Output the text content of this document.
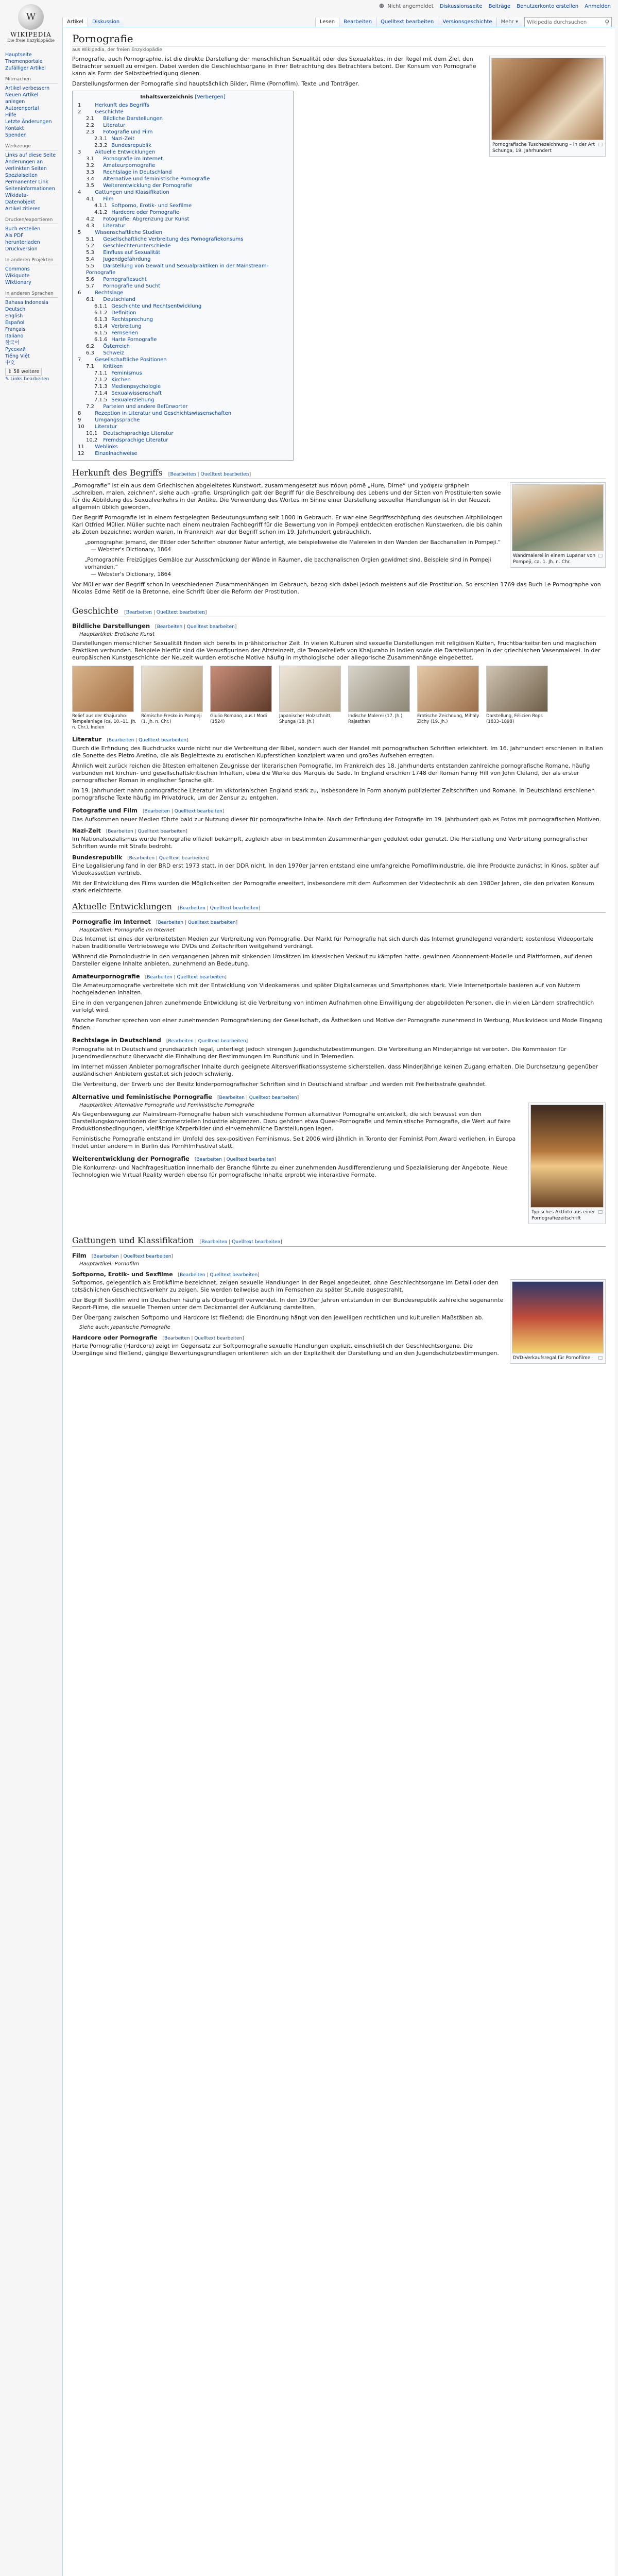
☻ Nicht angemeldet Diskussionsseite Beiträge Benutzerkonto erstellen Anmelden
W
WIKIPEDIA
Die freie Enzyklopädie
Hauptseite
Themenportale
Zufälliger Artikel
Mitmachen
Artikel verbessern
Neuen Artikel anlegen
Autorenportal
Hilfe
Letzte Änderungen
Kontakt
Spenden
Werkzeuge
Links auf diese Seite
Änderungen an verlinkten Seiten
Spezialseiten
Permanenter Link
Seiteninformationen
Wikidata-Datenobjekt
Artikel zitieren
Drucken/exportieren
Buch erstellen
Als PDF herunterladen
Druckversion
In anderen Projekten
Commons
Wikiquote
Wiktionary
In anderen Sprachen
Bahasa Indonesia
Deutsch
English
Español
Français
Italiano
한국어
Русский
Tiếng Việt
中文
⇕ 58 weitere
✎ Links bearbeiten
Artikel	Diskussion	Lesen	Bearbeiten	Quelltext bearbeiten	Versionsgeschichte	Mehr ▾
Wikipedia durchsuchen	⚲
Pornografie
aus Wikipedia, der freien Enzyklopädie
□
Pornografische Tuschezeichnung – in der Art Schunga, 19. Jahrhundert

Pornografie, auch Pornographie, ist die direkte Darstellung der menschlichen Sexualität oder des Sexualaktes, in der Regel mit dem Ziel, den Betrachter sexuell zu erregen. Dabei werden die Geschlechtsorgane in ihrer Betrachtung des Betrachters betont. Der Konsum von Pornografie kann als Form der Selbstbefriedigung dienen.

Darstellungsformen der Pornografie sind hauptsächlich Bilder, Filme (Pornofilm), Texte und Tonträger.

Inhaltsverzeichnis [Verbergen]
1	Herkunft des Begriffs
2	Geschichte
2.1 Bildliche Darstellungen
2.2 Literatur
2.3 Fotografie und Film
2.3.1 Nazi-Zeit
2.3.2 Bundesrepublik
3	Aktuelle Entwicklungen
3.1 Pornografie im Internet
3.2 Amateurpornografie
3.3 Rechtslage in Deutschland
3.4 Alternative und feministische Pornografie
3.5 Weiterentwicklung der Pornografie
4	Gattungen und Klassifikation
4.1 Film
4.1.1 Softporno, Erotik- und Sexfilme
4.1.2 Hardcore oder Pornografie
4.2 Fotografie: Abgrenzung zur Kunst
4.3 Literatur
5	Wissenschaftliche Studien
5.1 Gesellschaftliche Verbreitung des Pornografiekonsums
5.2 Geschlechterunterschiede
5.3 Einfluss auf Sexualität
5.4 Jugendgefährdung
5.5 Darstellung von Gewalt und Sexualpraktiken in der Mainstream-Pornografie
5.6 Pornografiesucht
5.7 Pornografie und Sucht
6	Rechtslage
6.1 Deutschland
6.1.1 Geschichte und Rechtsentwicklung
6.1.2 Definition
6.1.3 Rechtsprechung
6.1.4 Verbreitung
6.1.5 Fernsehen
6.1.6 Harte Pornografie
6.2 Österreich
6.3 Schweiz
7	Gesellschaftliche Positionen
7.1 Kritiken
7.1.1 Feminismus
7.1.2 Kirchen
7.1.3 Medienpsychologie
7.1.4 Sexualwissenschaft
7.1.5 Sexualerziehung
7.2 Parteien und andere Befürworter
8	Rezeption in Literatur und Geschichtswissenschaften
9	Umgangssprache
10 Literatur
10.1 Deutschsprachige Literatur
10.2 Fremdsprachige Literatur
11 Weblinks
12 Einzelnachweise
Herkunft des Begriffs [Bearbeiten | Quelltext bearbeiten]
□
Wandmalerei in einem Lupanar von Pompeji, ca. 1. Jh. n. Chr.

„Pornografie“ ist ein aus dem Griechischen abgeleitetes Kunstwort, zusammengesetzt aus πόρνη pórnē „Hure, Dirne“ und γράφειν gráphein „schreiben, malen, zeichnen“, siehe auch -grafie. Ursprünglich galt der Begriff für die Beschreibung des Lebens und der Sitten von Prostituierten sowie für die Abbildung des Sexualverkehrs in der Antike. Die Verwendung des Wortes im Sinne einer Darstellung sexueller Handlungen ist in der Neuzeit allgemein üblich geworden.

Der Begriff Pornografie ist in einem festgelegten Bedeutungsumfang seit 1800 in Gebrauch. Er war eine Begriffsschöpfung des deutschen Altphilologen Karl Otfried Müller. Müller suchte nach einem neutralen Fachbegriff für die Bewertung von in Pompeji entdeckten erotischen Kunstwerken, die bis dahin als Zoten bezeichnet worden waren. In Frankreich war der Begriff schon im 19. Jahrhundert gebräuchlich.

„pornographe: jemand, der Bilder oder Schriften obszöner Natur anfertigt, wie beispielsweise die Malereien in den Wänden der Bacchanalien in Pompeji.“
— Webster's Dictionary, 1864
„Pornographie: Freizügiges Gemälde zur Ausschmückung der Wände in Räumen, die bacchanalischen Orgien gewidmet sind. Beispiele sind in Pompeji vorhanden.“
— Webster's Dictionary, 1864

Vor Müller war der Begriff schon in verschiedenen Zusammenhängen im Gebrauch, bezog sich dabei jedoch meistens auf die Prostitution. So erschien 1769 das Buch Le Pornographe von Nicolas Edme Rétif de la Bretonne, eine Schrift über die Reform der Prostitution.

Geschichte [Bearbeiten | Quelltext bearbeiten]
Bildliche Darstellungen [Bearbeiten | Quelltext bearbeiten]
Hauptartikel: Erotische Kunst

Darstellungen menschlicher Sexualität finden sich bereits in prähistorischer Zeit. In vielen Kulturen sind sexuelle Darstellungen mit religiösen Kulten, Fruchtbarkeitsriten und magischen Praktiken verbunden. Beispiele hierfür sind die Venusfigurinen der Altsteinzeit, die Tempelreliefs von Khajuraho in Indien sowie die Darstellungen in der griechischen Vasenmalerei. In der europäischen Kunstgeschichte der Neuzeit wurden erotische Motive häufig in mythologische oder allegorische Zusammenhänge eingebettet.

Relief aus der Khajuraho-Tempelanlage (ca. 10.–11. Jh. n. Chr.), Indien
Römische Fresko in Pompeji (1. Jh. n. Chr.)
Giulio Romano, aus I Modi (1524)
Japanischer Holzschnitt, Shunga (18. Jh.)
Indische Malerei (17. Jh.), Rajasthan
Erotische Zeichnung, Mihály Zichy (19. Jh.)
Darstellung, Félicien Rops (1833–1898)
Literatur [Bearbeiten | Quelltext bearbeiten]

Durch die Erfindung des Buchdrucks wurde nicht nur die Verbreitung der Bibel, sondern auch der Handel mit pornografischen Schriften erleichtert. Im 16. Jahrhundert erschienen in Italien die Sonette des Pietro Aretino, die als Begleittexte zu erotischen Kupferstichen konzipiert waren und großes Aufsehen erregten.

Ähnlich weit zurück reichen die ältesten erhaltenen Zeugnisse der literarischen Pornografie. Im Frankreich des 18. Jahrhunderts entstanden zahlreiche pornografische Romane, häufig verbunden mit kirchen- und gesellschaftskritischen Inhalten, etwa die Werke des Marquis de Sade. In England erschien 1748 der Roman Fanny Hill von John Cleland, der als erster pornografischer Roman in englischer Sprache gilt.

Im 19. Jahrhundert nahm pornografische Literatur im viktorianischen England stark zu, insbesondere in Form anonym publizierter Zeitschriften und Romane. In Deutschland erschienen pornografische Texte häufig im Privatdruck, um der Zensur zu entgehen.

Fotografie und Film [Bearbeiten | Quelltext bearbeiten]

Das Aufkommen neuer Medien führte bald zur Nutzung dieser für pornografische Inhalte. Nach der Erfindung der Fotografie im 19. Jahrhundert gab es Fotos mit pornografischen Motiven.

Nazi-Zeit [Bearbeiten | Quelltext bearbeiten]

Im Nationalsozialismus wurde Pornografie offiziell bekämpft, zugleich aber in bestimmten Zusammenhängen geduldet oder genutzt. Die Herstellung und Verbreitung pornografischer Schriften wurde mit Strafe bedroht.

Bundesrepublik [Bearbeiten | Quelltext bearbeiten]

Eine Legalisierung fand in der BRD erst 1973 statt, in der DDR nicht. In den 1970er Jahren entstand eine umfangreiche Pornofilmindustrie, die ihre Produkte zunächst in Kinos, später auf Videokassetten vertrieb.

Mit der Entwicklung des Films wurden die Möglichkeiten der Pornografie erweitert, insbesondere mit dem Aufkommen der Videotechnik ab den 1980er Jahren, die den privaten Konsum stark erleichterte.

Aktuelle Entwicklungen [Bearbeiten | Quelltext bearbeiten]
Pornografie im Internet [Bearbeiten | Quelltext bearbeiten]
Hauptartikel: Pornografie im Internet

Das Internet ist eines der verbreitetsten Medien zur Verbreitung von Pornografie. Der Markt für Pornografie hat sich durch das Internet grundlegend verändert; kostenlose Videoportale haben traditionelle Vertriebswege wie DVDs und Zeitschriften weitgehend verdrängt.

Während die Pornoindustrie in den vergangenen Jahren mit sinkenden Umsätzen im klassischen Verkauf zu kämpfen hatte, gewinnen Abonnement-Modelle und Plattformen, auf denen Darsteller eigene Inhalte anbieten, zunehmend an Bedeutung.

Amateurpornografie [Bearbeiten | Quelltext bearbeiten]

Die Amateurpornografie verbreitete sich mit der Entwicklung von Videokameras und später Digitalkameras und Smartphones stark. Viele Internetportale basieren auf von Nutzern hochgeladenen Inhalten.

Eine in den vergangenen Jahren zunehmende Entwicklung ist die Verbreitung von intimen Aufnahmen ohne Einwilligung der abgebildeten Personen, die in vielen Ländern strafrechtlich verfolgt wird.

Manche Forscher sprechen von einer zunehmenden Pornografisierung der Gesellschaft, da Ästhetiken und Motive der Pornografie zunehmend in Werbung, Musikvideos und Mode Eingang finden.

Rechtslage in Deutschland [Bearbeiten | Quelltext bearbeiten]

Pornografie ist in Deutschland grundsätzlich legal, unterliegt jedoch strengen Jugendschutzbestimmungen. Die Verbreitung an Minderjährige ist verboten. Die Kommission für Jugendmedienschutz überwacht die Einhaltung der Bestimmungen im Rundfunk und in Telemedien.

Im Internet müssen Anbieter pornografischer Inhalte durch geeignete Altersverifikationssysteme sicherstellen, dass Minderjährige keinen Zugang erhalten. Die Durchsetzung gegenüber ausländischen Anbietern gestaltet sich jedoch schwierig.

Die Verbreitung, der Erwerb und der Besitz kinderpornografischer Schriften sind in Deutschland strafbar und werden mit Freiheitsstrafe geahndet.

Alternative und feministische Pornografie [Bearbeiten | Quelltext bearbeiten]
□
Typisches Aktfoto aus einer Pornografiezeitschrift
Hauptartikel: Alternative Pornografie und Feministische Pornografie

Als Gegenbewegung zur Mainstream-Pornografie haben sich verschiedene Formen alternativer Pornografie entwickelt, die sich bewusst von den Darstellungskonventionen der kommerziellen Industrie abgrenzen. Dazu gehören etwa Queer-Pornografie und feministische Pornografie, die Wert auf faire Produktionsbedingungen, vielfältige Körperbilder und einvernehmliche Darstellungen legen.

Feministische Pornografie entstand im Umfeld des sex-positiven Feminismus. Seit 2006 wird jährlich in Toronto der Feminist Porn Award verliehen, in Europa findet unter anderem in Berlin das PornFilmFestival statt.

Weiterentwicklung der Pornografie [Bearbeiten | Quelltext bearbeiten]

Die Konkurrenz- und Nachfragesituation innerhalb der Branche führte zu einer zunehmenden Ausdifferenzierung und Spezialisierung der Angebote. Neue Technologien wie Virtual Reality werden ebenso für pornografische Inhalte erprobt wie interaktive Formate.

Gattungen und Klassifikation [Bearbeiten | Quelltext bearbeiten]
Film [Bearbeiten | Quelltext bearbeiten]
Hauptartikel: Pornofilm
Softporno, Erotik- und Sexfilme [Bearbeiten | Quelltext bearbeiten]
□
DVD-Verkaufsregal für Pornofilme

Softpornos, gelegentlich als Erotikfilme bezeichnet, zeigen sexuelle Handlungen in der Regel angedeutet, ohne Geschlechtsorgane im Detail oder den tatsächlichen Geschlechtsverkehr zu zeigen. Sie werden teilweise auch im Fernsehen zu später Stunde ausgestrahlt.

Der Begriff Sexfilm wird im Deutschen häufig als Oberbegriff verwendet. In den 1970er Jahren entstanden in der Bundesrepublik zahlreiche sogenannte Report-Filme, die sexuelle Themen unter dem Deckmantel der Aufklärung darstellten.

Der Übergang zwischen Softporno und Hardcore ist fließend; die Einordnung hängt von den jeweiligen rechtlichen und kulturellen Maßstäben ab.

Siehe auch: Japanische Pornografie
Hardcore oder Pornografie [Bearbeiten | Quelltext bearbeiten]

Harte Pornografie (Hardcore) zeigt im Gegensatz zur Softpornografie sexuelle Handlungen explizit, einschließlich der Geschlechtsorgane. Die Übergänge sind fließend, gängige Bewertungsgrundlagen orientieren sich an der Explizitheit der Darstellung und an den Jugendschutzbestimmungen.
